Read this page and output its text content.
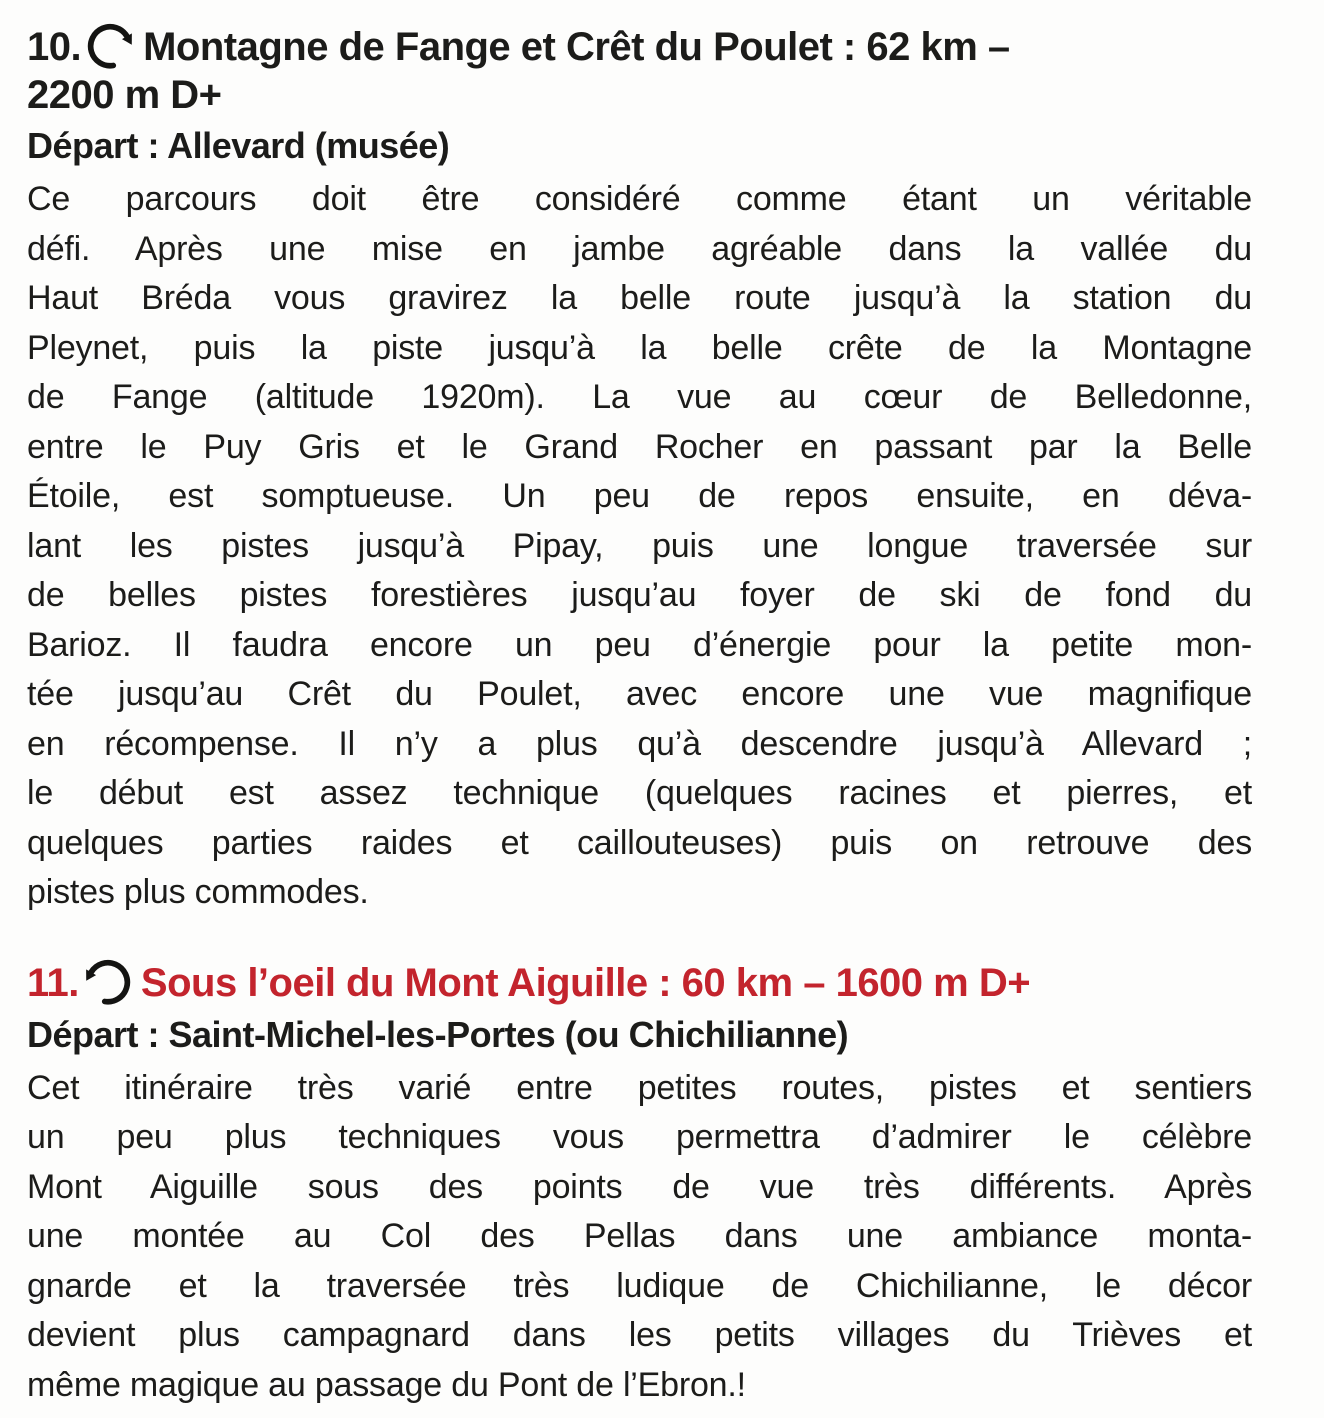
10. Montagne de Fange et Crêt du Poulet : 62 km –
2200 m D+

Départ : Allevard (musée)

Ce parcours doit être considéré comme étant un véritable
défi. Après une mise en jambe agréable dans la vallée du
Haut Bréda vous gravirez la belle route jusqu’à la station du
Pleynet, puis la piste jusqu’à la belle crête de la Montagne
de Fange (altitude 1920m). La vue au cœur de Belledonne,
entre le Puy Gris et le Grand Rocher en passant par la Belle
Étoile, est somptueuse. Un peu de repos ensuite, en déva-
lant les pistes jusqu’à Pipay, puis une longue traversée sur
de belles pistes forestières jusqu’au foyer de ski de fond du
Barioz. Il faudra encore un peu d’énergie pour la petite mon-
tée jusqu’au Crêt du Poulet, avec encore une vue magnifique
en récompense. Il n’y a plus qu’à descendre jusqu’à Allevard ;
le début est assez technique (quelques racines et pierres, et
quelques parties raides et caillouteuses) puis on retrouve des
pistes plus commodes.
11. Sous l’oeil du Mont Aiguille : 60 km – 1600 m D+

Départ : Saint-Michel-les-Portes (ou Chichilianne)

Cet itinéraire très varié entre petites routes, pistes et sentiers
un peu plus techniques vous permettra d’admirer le célèbre
Mont Aiguille sous des points de vue très différents. Après
une montée au Col des Pellas dans une ambiance monta-
gnarde et la traversée très ludique de Chichilianne, le décor
devient plus campagnard dans les petits villages du Trièves et
même magique au passage du Pont de l’Ebron.!
